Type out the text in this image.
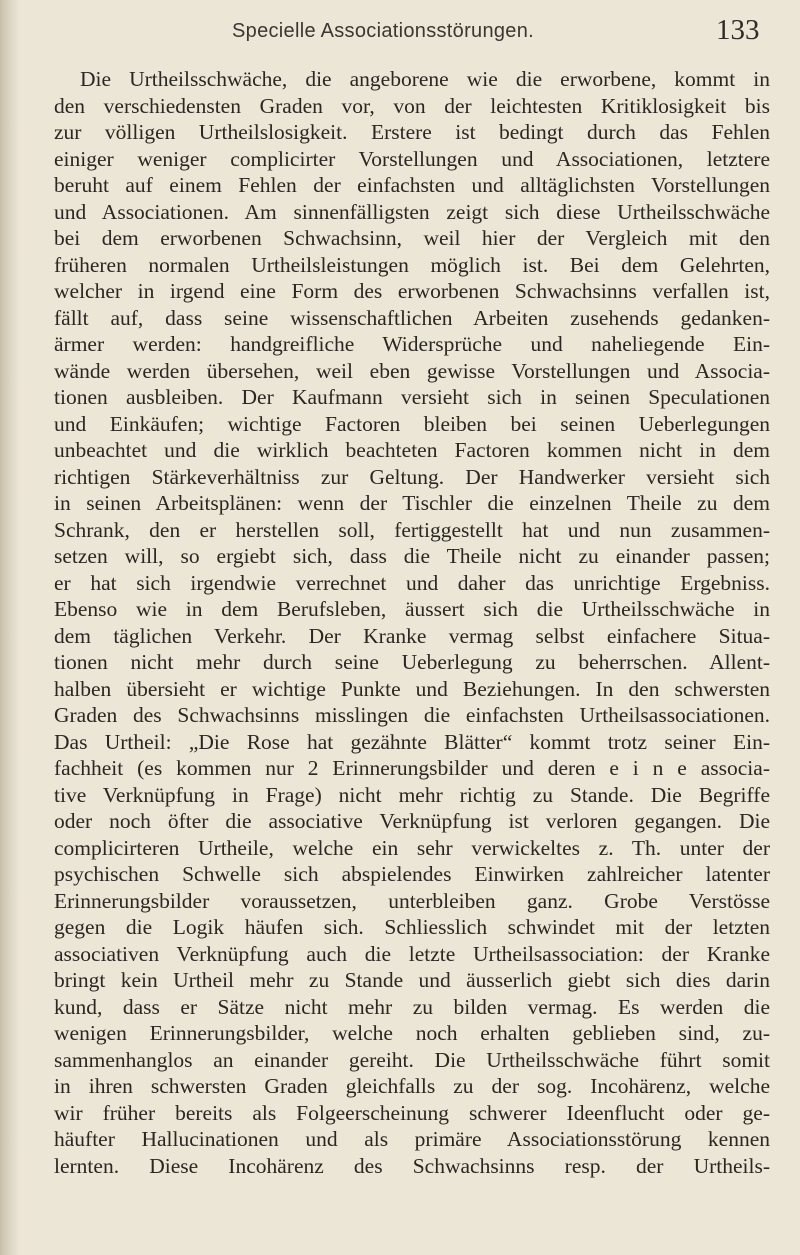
Specielle Associationsstörungen.	133
Die Urtheilsschwäche, die angeborene wie die erworbene, kommt in
den verschiedensten Graden vor, von der leichtesten Kritiklosigkeit bis
zur völligen Urtheilslosigkeit. Erstere ist bedingt durch das Fehlen
einiger weniger complicirter Vorstellungen und Associationen, letztere
beruht auf einem Fehlen der einfachsten und alltäglichsten Vorstellungen
und Associationen. Am sinnenfälligsten zeigt sich diese Urtheilsschwäche
bei dem erworbenen Schwachsinn, weil hier der Vergleich mit den
früheren normalen Urtheilsleistungen möglich ist. Bei dem Gelehrten,
welcher in irgend eine Form des erworbenen Schwachsinns verfallen ist,
fällt auf, dass seine wissenschaftlichen Arbeiten zusehends gedanken-
ärmer werden: handgreifliche Widersprüche und naheliegende Ein-
wände werden übersehen, weil eben gewisse Vorstellungen und Associa-
tionen ausbleiben. Der Kaufmann versieht sich in seinen Speculationen
und Einkäufen; wichtige Factoren bleiben bei seinen Ueberlegungen
unbeachtet und die wirklich beachteten Factoren kommen nicht in dem
richtigen Stärkeverhältniss zur Geltung. Der Handwerker versieht sich
in seinen Arbeitsplänen: wenn der Tischler die einzelnen Theile zu dem
Schrank, den er herstellen soll, fertiggestellt hat und nun zusammen-
setzen will, so ergiebt sich, dass die Theile nicht zu einander passen;
er hat sich irgendwie verrechnet und daher das unrichtige Ergebniss.
Ebenso wie in dem Berufsleben, äussert sich die Urtheilsschwäche in
dem täglichen Verkehr. Der Kranke vermag selbst einfachere Situa-
tionen nicht mehr durch seine Ueberlegung zu beherrschen. Allent-
halben übersieht er wichtige Punkte und Beziehungen. In den schwersten
Graden des Schwachsinns misslingen die einfachsten Urtheilsassociationen.
Das Urtheil: „Die Rose hat gezähnte Blätter“ kommt trotz seiner Ein-
fachheit (es kommen nur 2 Erinnerungsbilder und deren e i n e associa-
tive Verknüpfung in Frage) nicht mehr richtig zu Stande. Die Begriffe
oder noch öfter die associative Verknüpfung ist verloren gegangen. Die
complicirteren Urtheile, welche ein sehr verwickeltes z. Th. unter der
psychischen Schwelle sich abspielendes Einwirken zahlreicher latenter
Erinnerungsbilder voraussetzen, unterbleiben ganz. Grobe Verstösse
gegen die Logik häufen sich. Schliesslich schwindet mit der letzten
associativen Verknüpfung auch die letzte Urtheilsassociation: der Kranke
bringt kein Urtheil mehr zu Stande und äusserlich giebt sich dies darin
kund, dass er Sätze nicht mehr zu bilden vermag. Es werden die
wenigen Erinnerungsbilder, welche noch erhalten geblieben sind, zu-
sammenhanglos an einander gereiht. Die Urtheilsschwäche führt somit
in ihren schwersten Graden gleichfalls zu der sog. Incohärenz, welche
wir früher bereits als Folgeerscheinung schwerer Ideenflucht oder ge-
häufter Hallucinationen und als primäre Associationsstörung kennen
lernten. Diese Incohärenz des Schwachsinns resp. der Urtheils-
